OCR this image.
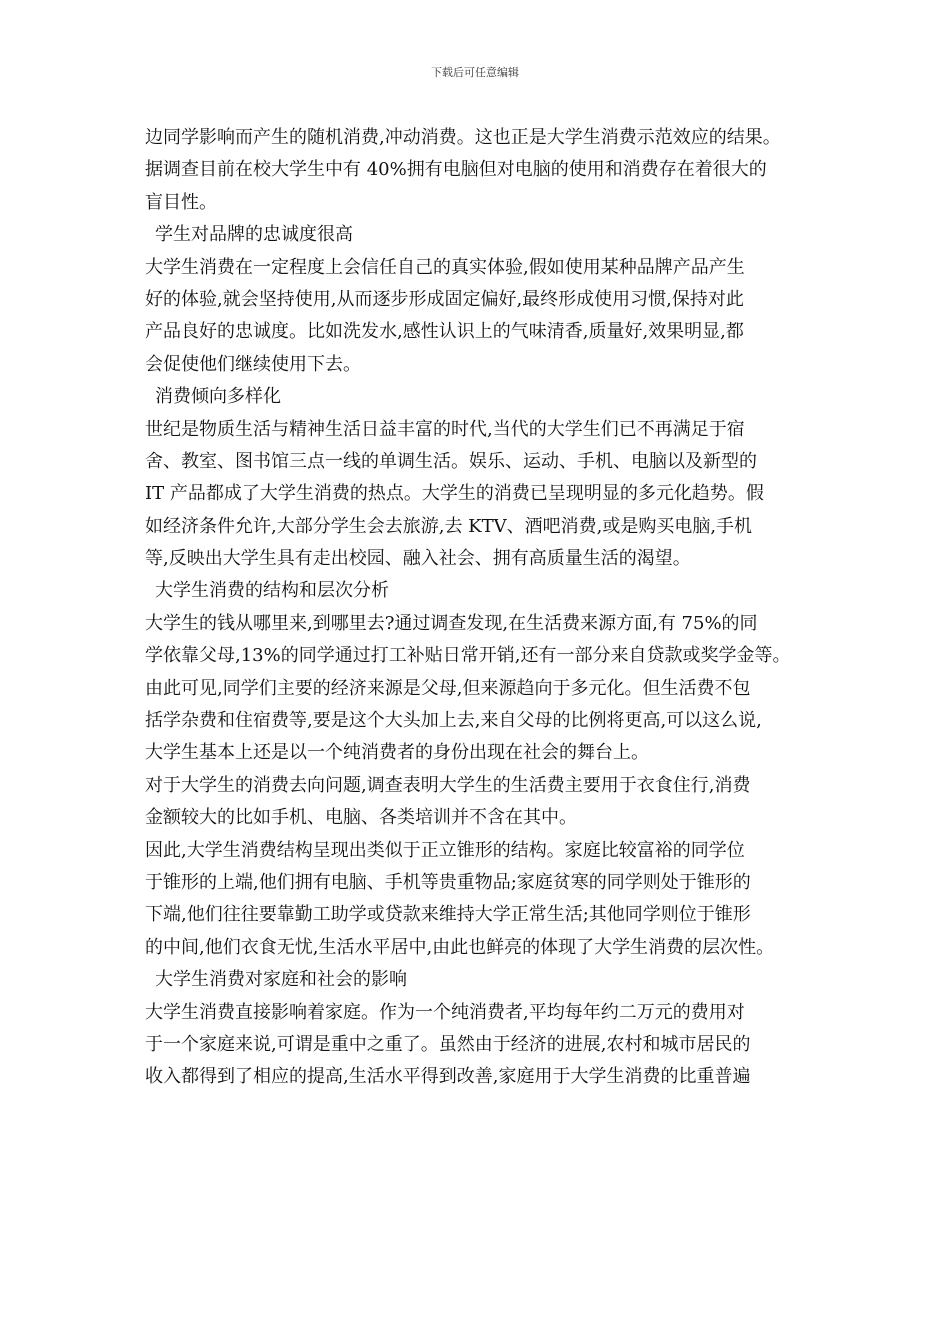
下载后可任意编辑
边同学影响而产生的随机消费,冲动消费。这也正是大学生消费示范效应的结果。
据调查目前在校大学生中有 40%拥有电脑但对电脑的使用和消费存在着很大的
盲目性。
学生对品牌的忠诚度很高
大学生消费在一定程度上会信任自己的真实体验,假如使用某种品牌产品产生
好的体验,就会坚持使用,从而逐步形成固定偏好,最终形成使用习惯,保持对此
产品良好的忠诚度。比如洗发水,感性认识上的气味清香,质量好,效果明显,都
会促使他们继续使用下去。
消费倾向多样化
世纪是物质生活与精神生活日益丰富的时代,当代的大学生们已不再满足于宿
舍、教室、图书馆三点一线的单调生活。娱乐、运动、手机、电脑以及新型的
IT 产品都成了大学生消费的热点。大学生的消费已呈现明显的多元化趋势。假
如经济条件允许,大部分学生会去旅游,去 KTV、酒吧消费,或是购买电脑,手机
等,反映出大学生具有走出校园、融入社会、拥有高质量生活的渴望。
大学生消费的结构和层次分析
大学生的钱从哪里来,到哪里去?通过调查发现,在生活费来源方面,有 75%的同
学依靠父母,13%的同学通过打工补贴日常开销,还有一部分来自贷款或奖学金等。
由此可见,同学们主要的经济来源是父母,但来源趋向于多元化。但生活费不包
括学杂费和住宿费等,要是这个大头加上去,来自父母的比例将更高,可以这么说,
大学生基本上还是以一个纯消费者的身份出现在社会的舞台上。
对于大学生的消费去向问题,调查表明大学生的生活费主要用于衣食住行,消费
金额较大的比如手机、电脑、各类培训并不含在其中。
因此,大学生消费结构呈现出类似于正立锥形的结构。家庭比较富裕的同学位
于锥形的上端,他们拥有电脑、手机等贵重物品;家庭贫寒的同学则处于锥形的
下端,他们往往要靠勤工助学或贷款来维持大学正常生活;其他同学则位于锥形
的中间,他们衣食无忧,生活水平居中,由此也鲜亮的体现了大学生消费的层次性。
大学生消费对家庭和社会的影响
大学生消费直接影响着家庭。作为一个纯消费者,平均每年约二万元的费用对
于一个家庭来说,可谓是重中之重了。虽然由于经济的进展,农村和城市居民的
收入都得到了相应的提高,生活水平得到改善,家庭用于大学生消费的比重普遍
